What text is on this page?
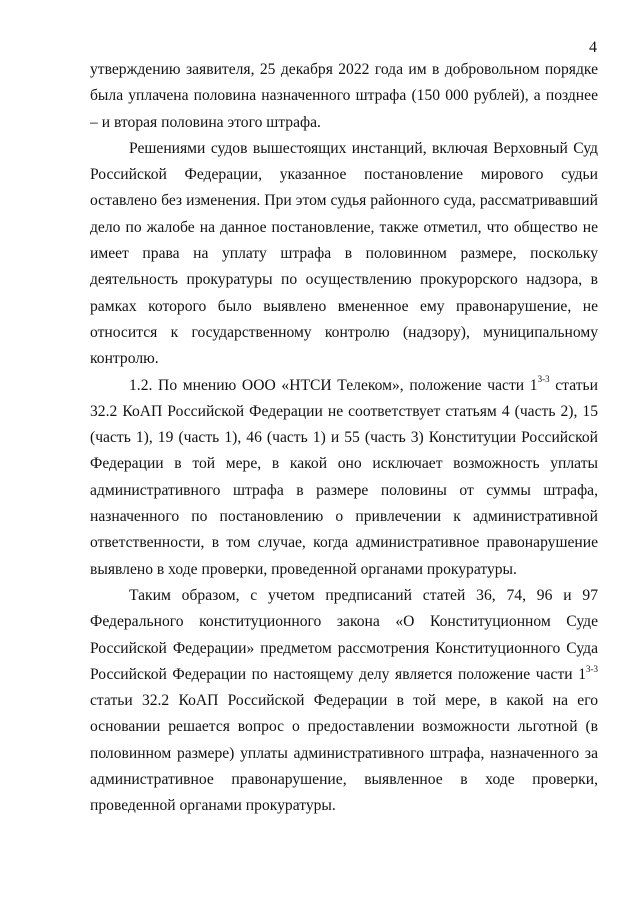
4

утверждению заявителя, 25 декабря 2022 года им в добровольном порядке была уплачена половина назначенного штрафа (150 000 рублей), а позднее – и вторая половина этого штрафа.

Решениями судов вышестоящих инстанций, включая Верховный Суд Российской Федерации, указанное постановление мирового судьи оставлено без изменения. При этом судья районного суда, рассматривавший дело по жалобе на данное постановление, также отметил, что общество не имеет права на уплату штрафа в половинном размере, поскольку деятельность прокуратуры по осуществлению прокурорского надзора, в рамках которого было выявлено вмененное ему правонарушение, не относится к государственному контролю (надзору), муниципальному контролю.

1.2. По мнению ООО «НТСИ Телеком», положение части 1$^{3-3}$ статьи 32.2 КоАП Российской Федерации не соответствует статьям 4 (часть 2), 15 (часть 1), 19 (часть 1), 46 (часть 1) и 55 (часть 3) Конституции Российской Федерации в той мере, в какой оно исключает возможность уплаты административного штрафа в размере половины от суммы штрафа, назначенного по постановлению о привлечении к административной ответственности, в том случае, когда административное правонарушение выявлено в ходе проверки, проведенной органами прокуратуры.

Таким образом, с учетом предписаний статей 36, 74, 96 и 97 Федерального конституционного закона «О Конституционном Суде Российской Федерации» предметом рассмотрения Конституционного Суда Российской Федерации по настоящему делу является положение части 1$^{3-3}$ статьи 32.2 КоАП Российской Федерации в той мере, в какой на его основании решается вопрос о предоставлении возможности льготной (в половинном размере) уплаты административного штрафа, назначенного за административное правонарушение, выявленное в ходе проверки, проведенной органами прокуратуры.
